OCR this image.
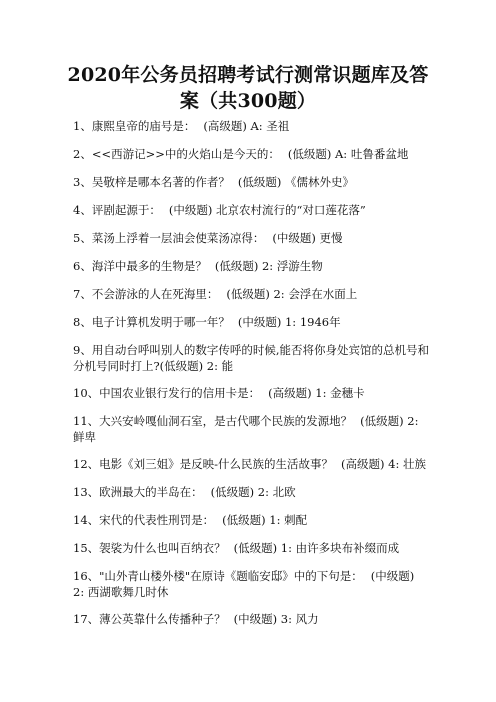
2020年公务员招聘考试行测常识题库及答
案（共300题）
1、康熙皇帝的庙号是： (高级题) A: 圣祖
2、<<西游记>>中的火焰山是今天的： (低级题) A: 吐鲁番盆地
3、吴敬梓是哪本名著的作者？ (低级题) 《儒林外史》
4、评剧起源于： (中级题) 北京农村流行的“对口莲花落”
5、菜汤上浮着一层油会使菜汤凉得： (中级题) 更慢
6、海洋中最多的生物是？ (低级题) 2: 浮游生物
7、不会游泳的人在死海里： (低级题) 2: 会浮在水面上
8、电子计算机发明于哪一年？ (中级题) 1: 1946年
9、用自动台呼叫别人的数字传呼的时候,能否将你身处宾馆的总机号和分机号同时打上?(低级题) 2: 能
10、中国农业银行发行的信用卡是： (高级题) 1: 金穗卡
11、大兴安岭嘎仙洞石室，是古代哪个民族的发源地？ (低级题) 2: 鲜卑
12、电影《刘三姐》是反映-什么民族的生活故事？ (高级题) 4: 壮族
13、欧洲最大的半岛在： (低级题) 2: 北欧
14、宋代的代表性刑罚是： (低级题) 1: 刺配
15、袈裟为什么也叫百纳衣？ (低级题) 1: 由许多块布补缀而成
16、"山外青山楼外楼"在原诗《题临安邸》中的下句是： (中级题) 2: 西湖歌舞几时休
17、薄公英靠什么传播种子？ (中级题) 3: 风力
